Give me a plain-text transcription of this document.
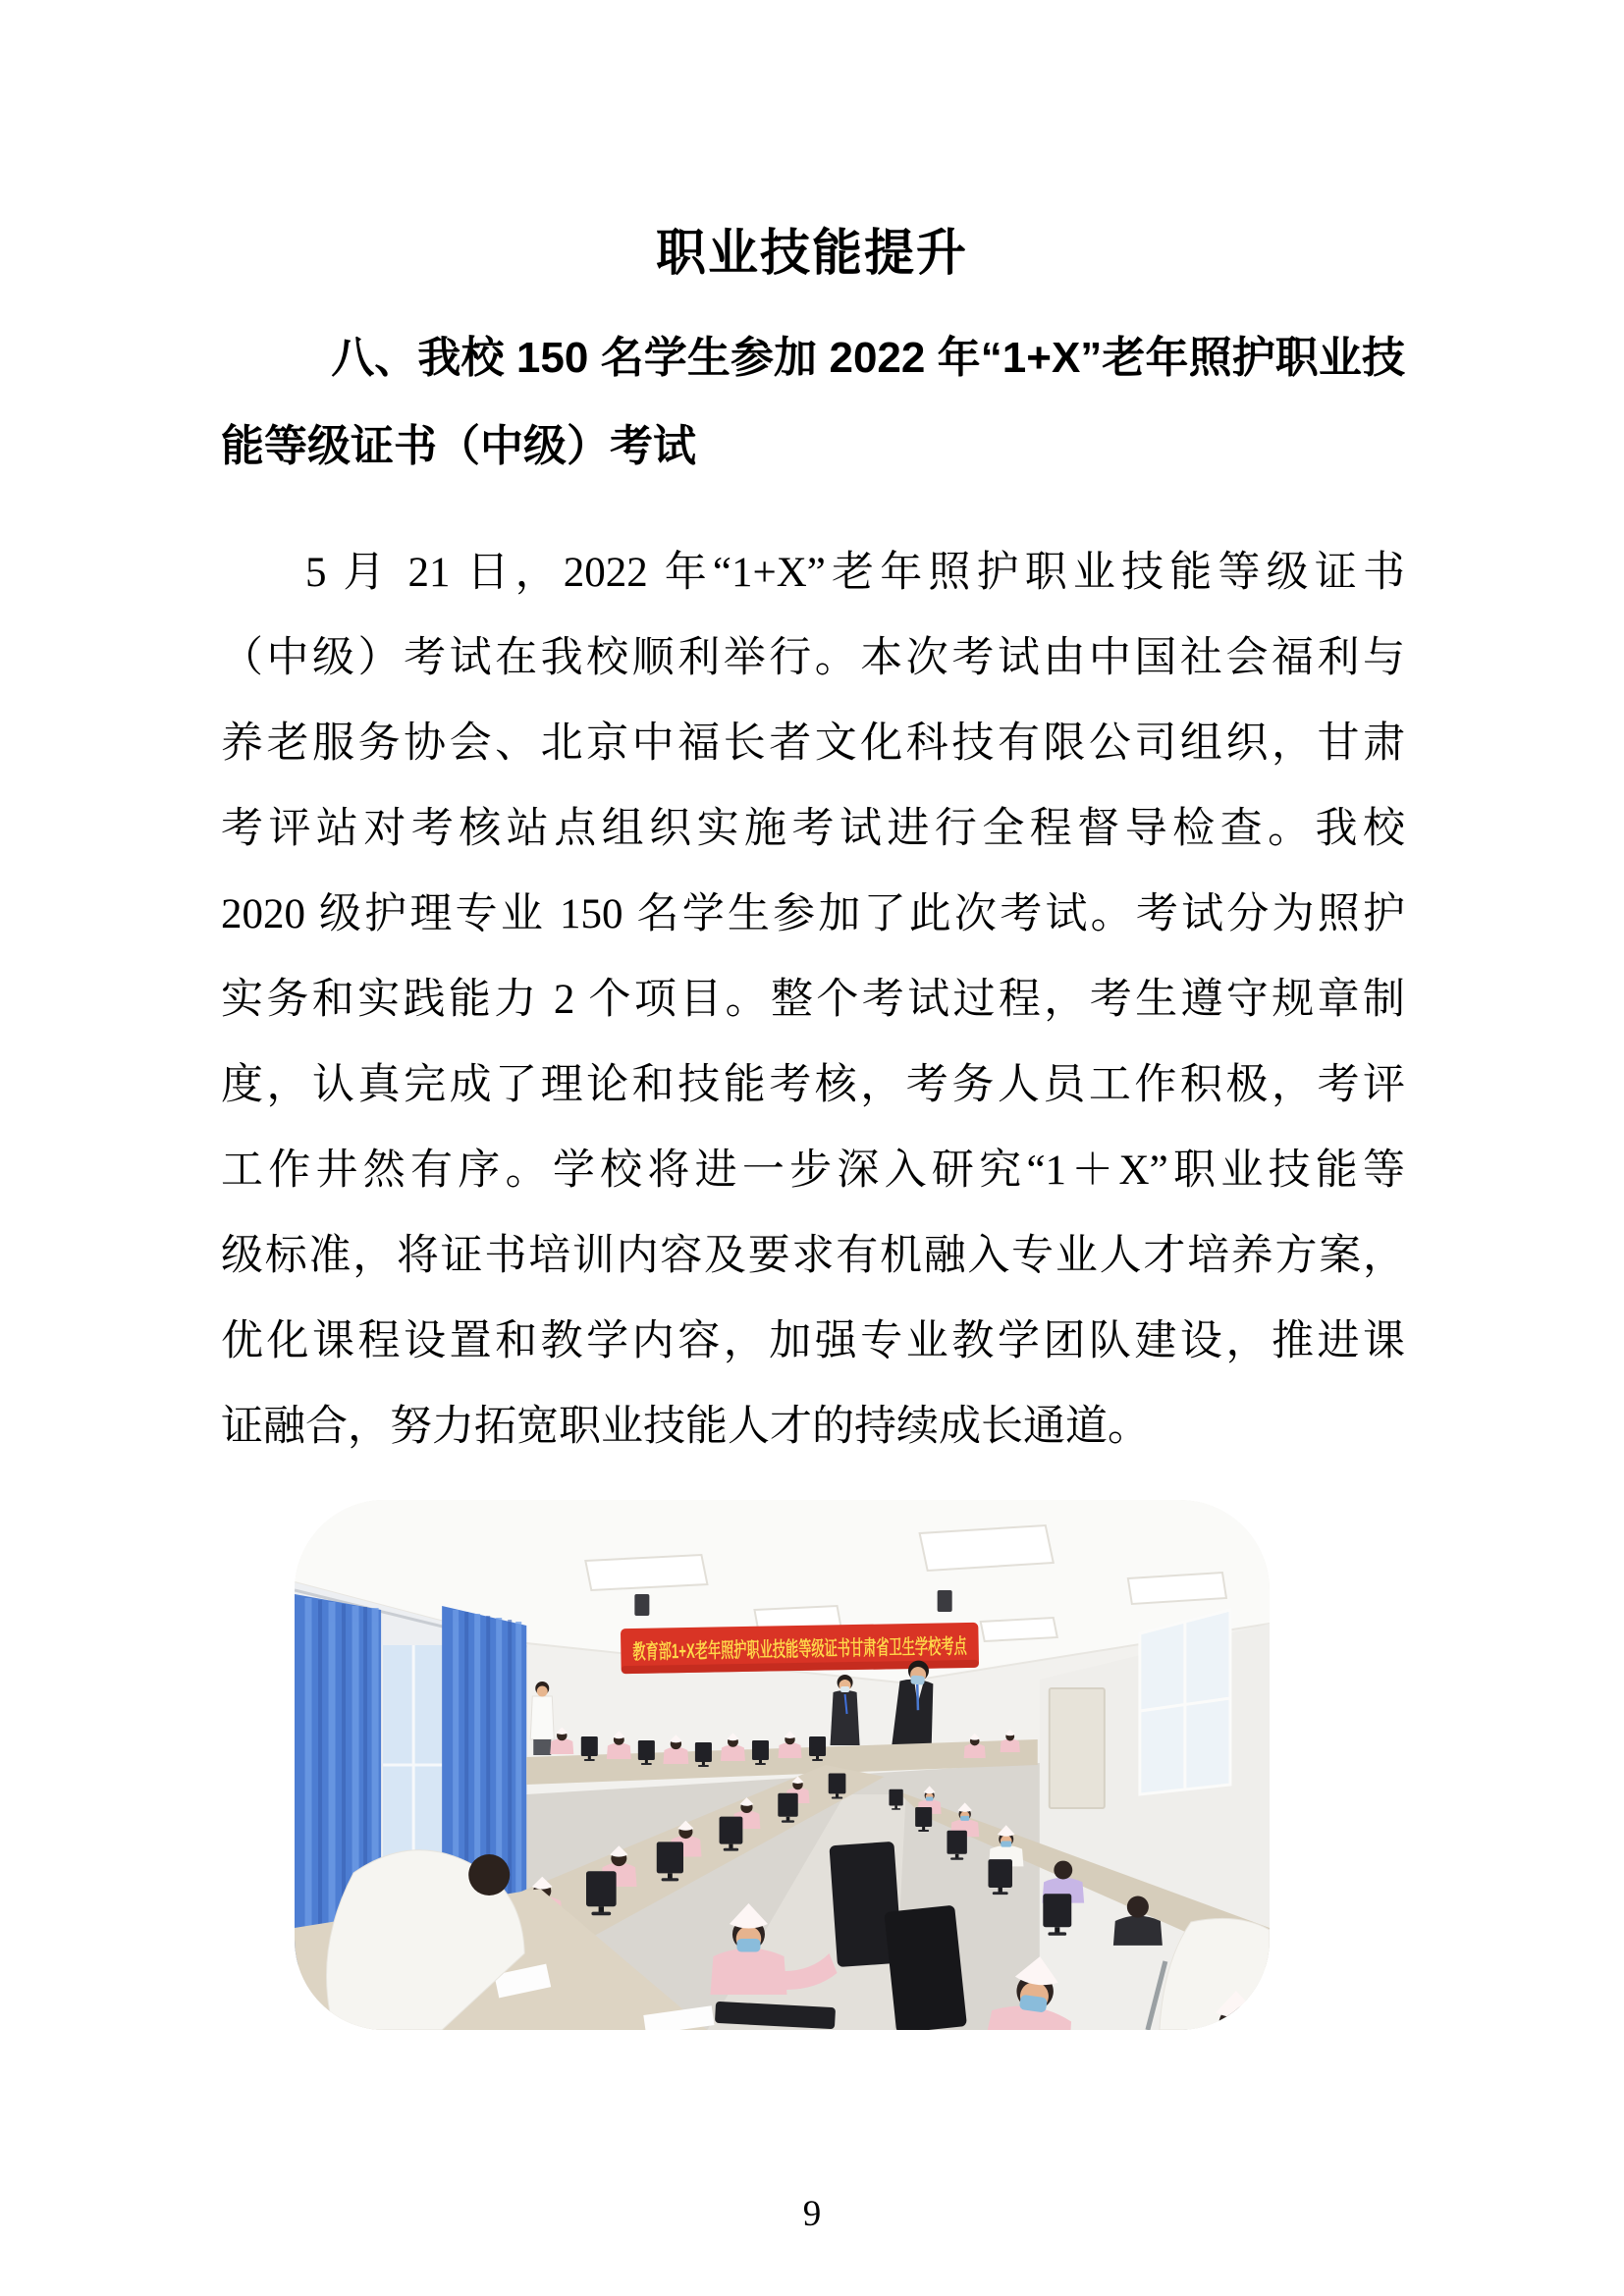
职业技能提升
八、我校 150 名学生参加 2022 年“1+X”老年照护职业技
能等级证书（中级）考试
5 月 21 日，2022 年“1+X”老年照护职业技能等级证书
（中级）考试在我校顺利举行。本次考试由中国社会福利与
养老服务协会、北京中福长者文化科技有限公司组织，甘肃
考评站对考核站点组织实施考试进行全程督导检查。我校
2020 级护理专业 150 名学生参加了此次考试。考试分为照护
实务和实践能力 2 个项目。整个考试过程，考生遵守规章制
度，认真完成了理论和技能考核，考务人员工作积极，考评
工作井然有序。学校将进一步深入研究“1＋X”职业技能等
级标准，将证书培训内容及要求有机融入专业人才培养方案，
优化课程设置和教学内容，加强专业教学团队建设，推进课
证融合，努力拓宽职业技能人才的持续成长通道。
教育部1+X老年照护职业技能等级证书甘肃省卫生学校考点
9
